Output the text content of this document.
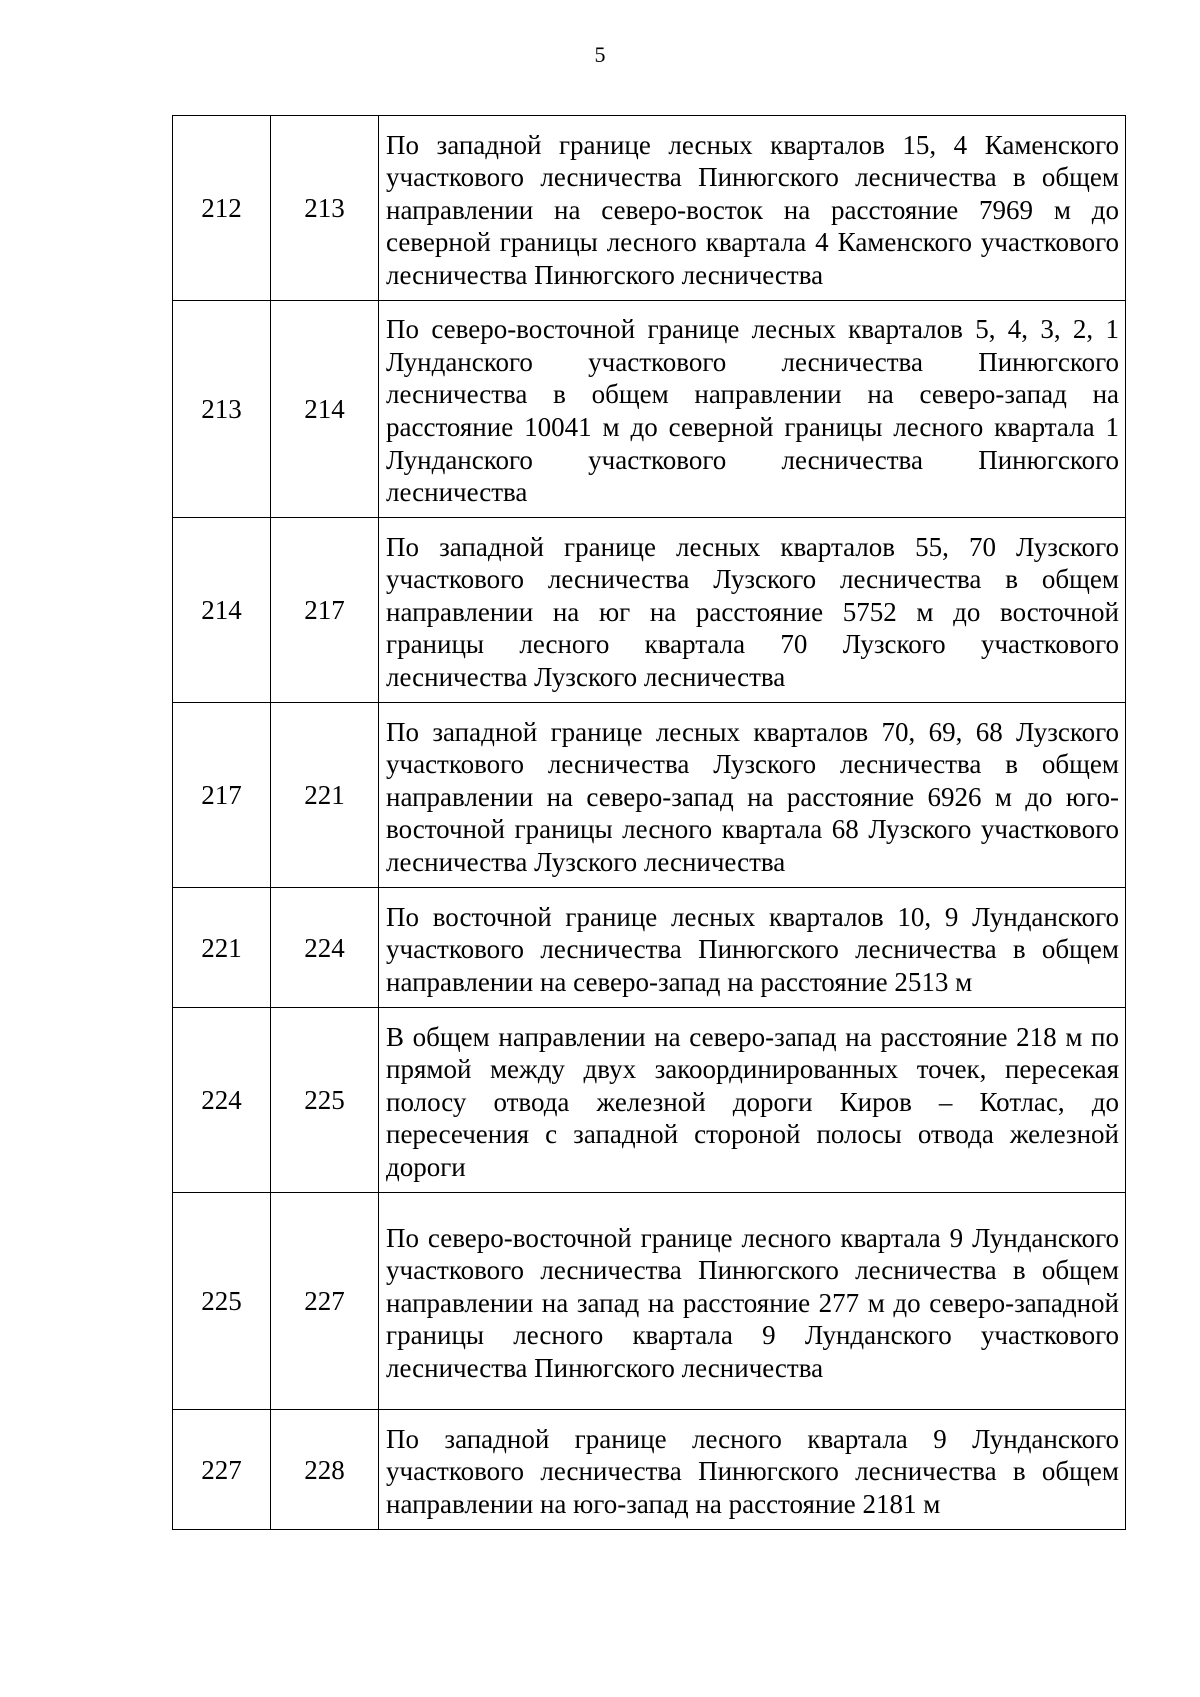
5
212	213	По западной границе лесных кварталов 15, 4 Каменского участкового лесничества Пинюгского лесничества в общем направлении на северо-восток на расстояние 7969 м до северной границы лесного квартала 4 Каменского участкового лесничества Пинюгского лесничества
213	214	По северо-восточной границе лесных кварталов 5, 4, 3, 2, 1 Лунданского участкового лесничества Пинюгского лесничества в общем направлении на северо-запад на расстояние 10041 м до северной границы лесного квартала 1 Лунданского участкового лесничества Пинюгского лесничества
214	217	По западной границе лесных кварталов 55, 70 Лузского участкового лесничества Лузского лесничества в общем направлении на юг на расстояние 5752 м до восточной границы лесного квартала 70 Лузского участкового лесничества Лузского лесничества
217	221	По западной границе лесных кварталов 70, 69, 68 Лузского участкового лесничества Лузского лесничества в общем направлении на северо-запад на расстояние 6926 м до юго-восточной границы лесного квартала 68 Лузского участкового лесничества Лузского лесничества
221	224	По восточной границе лесных кварталов 10, 9 Лунданского участкового лесничества Пинюгского лесничества в общем направлении на северо-запад на расстояние 2513 м
224	225	В общем направлении на северо-запад на расстояние 218 м по прямой между двух закоординированных точек, пересекая полосу отвода железной дороги Киров – Котлас, до пересечения с западной стороной полосы отвода железной дороги
225	227	По северо-восточной границе лесного квартала 9 Лунданского участкового лесничества Пинюгского лесничества в общем направлении на запад на расстояние 277 м до северо-западной границы лесного квартала 9 Лунданского участкового лесничества Пинюгского лесничества
227	228	По западной границе лесного квартала 9 Лунданского участкового лесничества Пинюгского лесничества в общем направлении на юго-запад на расстояние 2181 м
